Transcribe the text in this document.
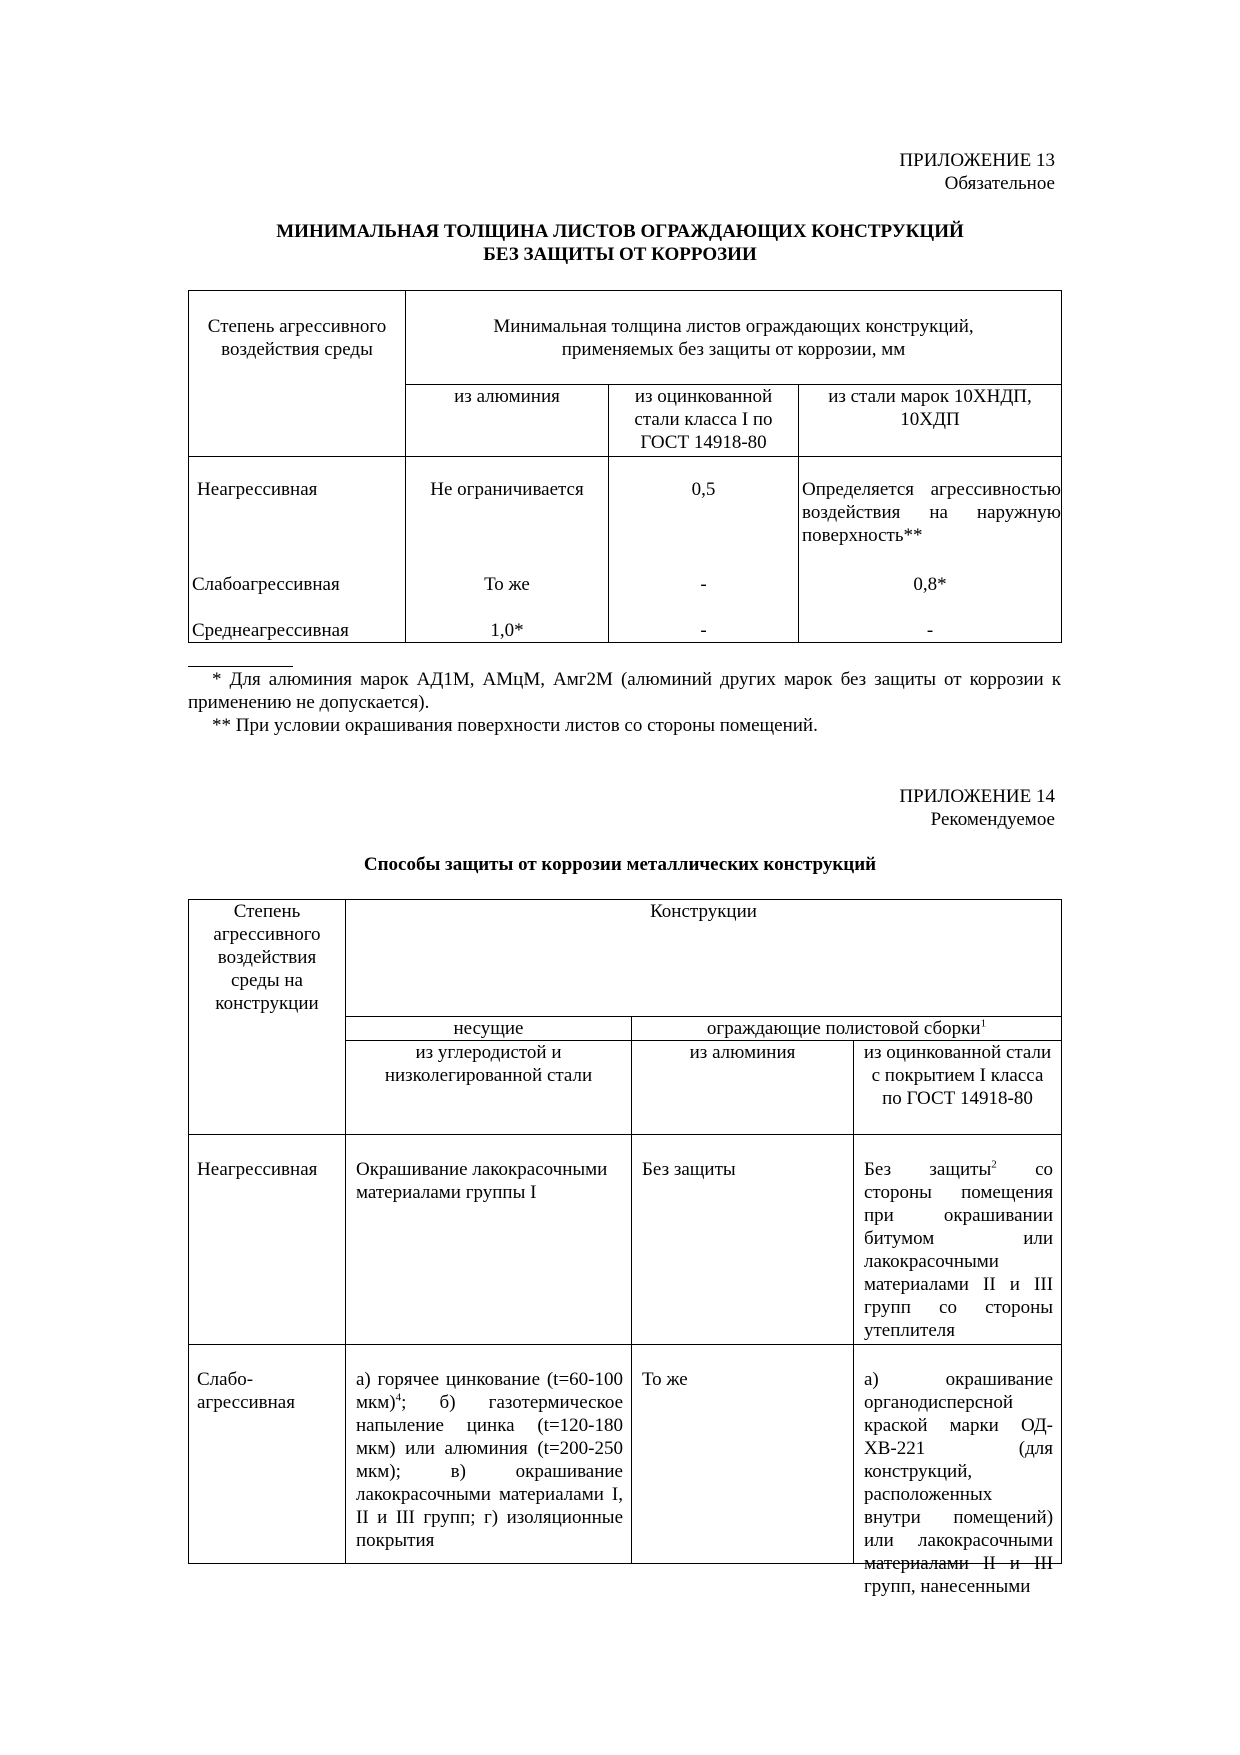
ПРИЛОЖЕНИЕ 13
Обязательное
МИНИМАЛЬНАЯ ТОЛЩИНА ЛИСТОВ ОГРАЖДАЮЩИХ КОНСТРУКЦИЙ
БЕЗ ЗАЩИТЫ ОТ КОРРОЗИИ
Степень агрессивного воздействия среды	Минимальная толщина листов ограждающих конструкций, применяемых без защиты от коррозии, мм		
	из алюминия	из оцинкованной стали класса I по ГОСТ 14918-80	из стали марок 10ХНДП, 10ХДП
Неагрессивная	Не ограничивается	0,5	Определяется агрессивностью воздействия на наружную поверхность**
Слабоагрессивная	То же	-	0,8*
Среднеагрессивная	1,0*	-	-
* Для алюминия марок АД1М, АМцМ, Амг2М (алюминий других марок без защиты от коррозии к применению не допускается).
** При условии окрашивания поверхности листов со стороны помещений.
ПРИЛОЖЕНИЕ 14
Рекомендуемое
Способы защиты от коррозии металлических конструкций
Степень агрессивного воздействия среды на конструкции	Конструкции		
	несущие	ограждающие полистовой сборки$^1$
	из углеродистой и низколегированной стали	из алюминия	из оцинкованной стали с покрытием I класса по ГОСТ 14918-80
Неагрессивная	Окрашивание лакокрасочными материалами группы I	Без защиты	Без защиты$^2$ со стороны помещения при окрашивании битумом или лакокрасочными материалами II и III групп со стороны утеплителя
Слабо-агрессивная	а) горячее цинкование (t=60-100 мкм)$^4$; б) газотермическое напыление цинка (t=120-180 мкм) или алюминия (t=200-250 мкм); в) окрашивание лакокрасочными материалами I, II и III групп; г) изоляционные покрытия	То же	а) окрашивание органодисперсной краской марки ОД-ХВ-221 (для конструкций, расположенных внутри помещений) или лакокрасочными материалами II и III групп, нанесенными
